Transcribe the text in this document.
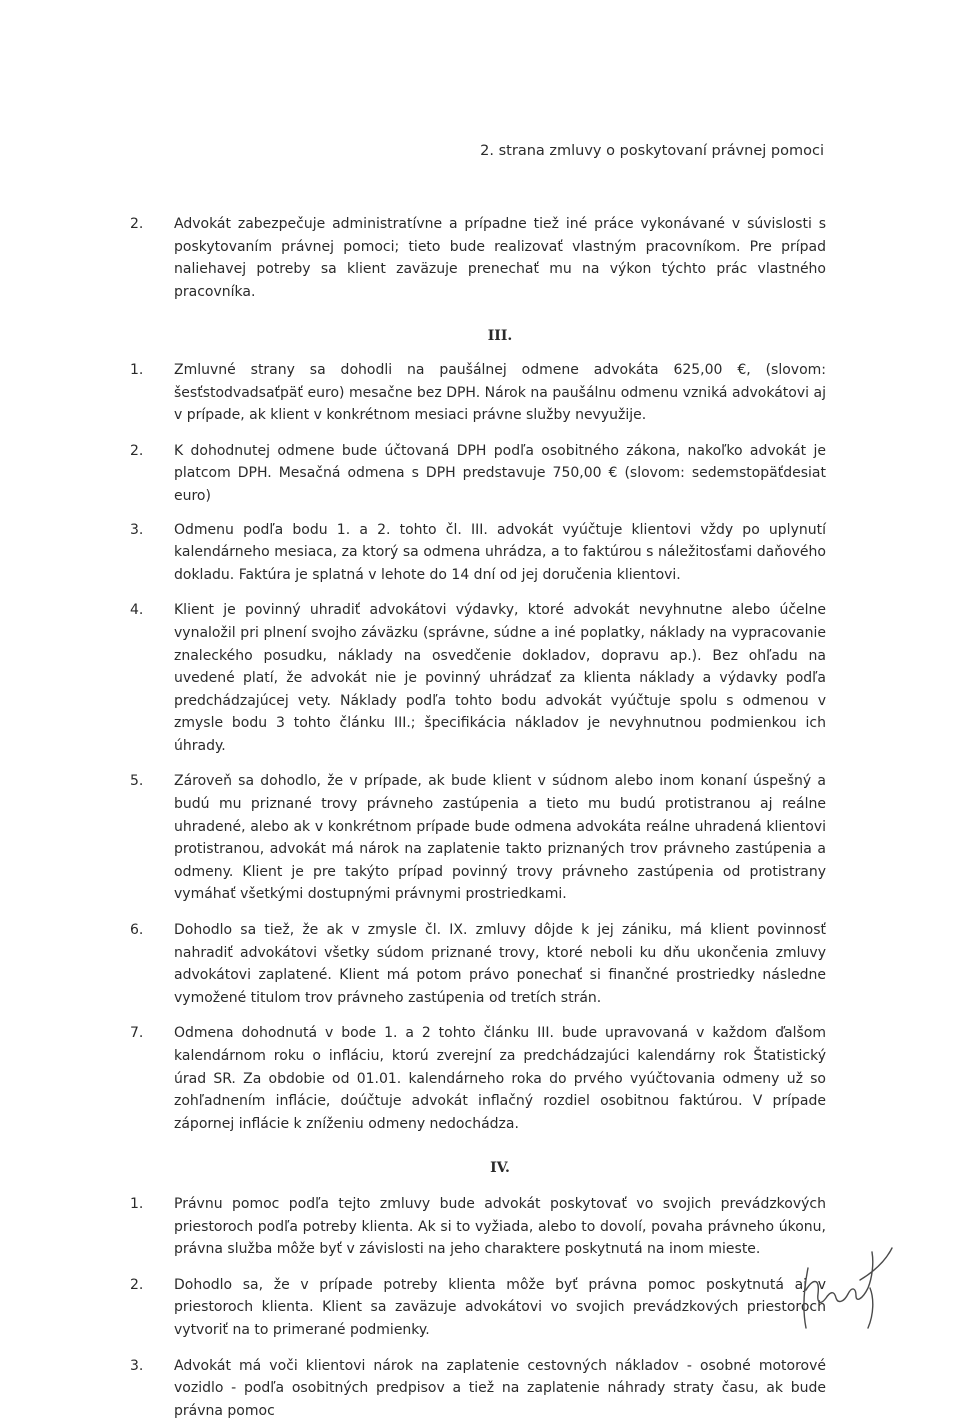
2. strana zmluvy o poskytovaní právnej pomoci
2. Advokát zabezpečuje administratívne a prípadne tiež iné práce vykonávané v súvislosti s poskytovaním právnej pomoci; tieto bude realizovať vlastným pracovníkom. Pre prípad naliehavej potreby sa klient zaväzuje prenechať mu na výkon týchto prác vlastného pracovníka.
III.
1. Zmluvné strany sa dohodli na paušálnej odmene advokáta 625,00 €, (slovom: šesťstodvadsaťpäť euro) mesačne bez DPH. Nárok na paušálnu odmenu vzniká advokátovi aj v prípade, ak klient v konkrétnom mesiaci právne služby nevyužije.
2. K dohodnutej odmene bude účtovaná DPH podľa osobitného zákona, nakoľko advokát je platcom DPH. Mesačná odmena s DPH predstavuje 750,00 € (slovom: sedemstopäťdesiat euro)
3. Odmenu podľa bodu 1. a 2. tohto čl. III. advokát vyúčtuje klientovi vždy po uplynutí kalendárneho mesiaca, za ktorý sa odmena uhrádza, a to faktúrou s náležitosťami daňového dokladu. Faktúra je splatná v lehote do 14 dní od jej doručenia klientovi.
4. Klient je povinný uhradiť advokátovi výdavky, ktoré advokát nevyhnutne alebo účelne vynaložil pri plnení svojho záväzku (správne, súdne a iné poplatky, náklady na vypracovanie znaleckého posudku, náklady na osvedčenie dokladov, dopravu ap.). Bez ohľadu na uvedené platí, že advokát nie je povinný uhrádzať za klienta náklady a výdavky podľa predchádzajúcej vety. Náklady podľa tohto bodu advokát vyúčtuje spolu s odmenou v zmysle bodu 3 tohto článku III.; špecifikácia nákladov je nevyhnutnou podmienkou ich úhrady.
5. Zároveň sa dohodlo, že v prípade, ak bude klient v súdnom alebo inom konaní úspešný a budú mu priznané trovy právneho zastúpenia a tieto mu budú protistranou aj reálne uhradené, alebo ak v konkrétnom prípade bude odmena advokáta reálne uhradená klientovi protistranou, advokát má nárok na zaplatenie takto priznaných trov právneho zastúpenia a odmeny. Klient je pre takýto prípad povinný trovy právneho zastúpenia od protistrany vymáhať všetkými dostupnými právnymi prostriedkami.
6. Dohodlo sa tiež, že ak v zmysle čl. IX. zmluvy dôjde k jej zániku, má klient povinnosť nahradiť advokátovi všetky súdom priznané trovy, ktoré neboli ku dňu ukončenia zmluvy advokátovi zaplatené. Klient má potom právo ponechať si finančné prostriedky následne vymožené titulom trov právneho zastúpenia od tretích strán.
7. Odmena dohodnutá v bode 1. a 2 tohto článku III. bude upravovaná v každom ďalšom kalendárnom roku o infláciu, ktorú zverejní za predchádzajúci kalendárny rok Štatistický úrad SR. Za obdobie od 01.01. kalendárneho roka do prvého vyúčtovania odmeny už so zohľadnením inflácie, doúčtuje advokát inflačný rozdiel osobitnou faktúrou. V prípade zápornej inflácie k zníženiu odmeny nedochádza.
IV.
1. Právnu pomoc podľa tejto zmluvy bude advokát poskytovať vo svojich prevádzkových priestoroch podľa potreby klienta. Ak si to vyžiada, alebo to dovolí, povaha právneho úkonu, právna služba môže byť v závislosti na jeho charaktere poskytnutá na inom mieste.
2. Dohodlo sa, že v prípade potreby klienta môže byť právna pomoc poskytnutá aj v priestoroch klienta. Klient sa zaväzuje advokátovi vo svojich prevádzkových priestoroch vytvoriť na to primerané podmienky.
3. Advokát má voči klientovi nárok na zaplatenie cestovných nákladov - osobné motorové vozidlo - podľa osobitných predpisov a tiež na zaplatenie náhrady straty času, ak bude právna pomoc
